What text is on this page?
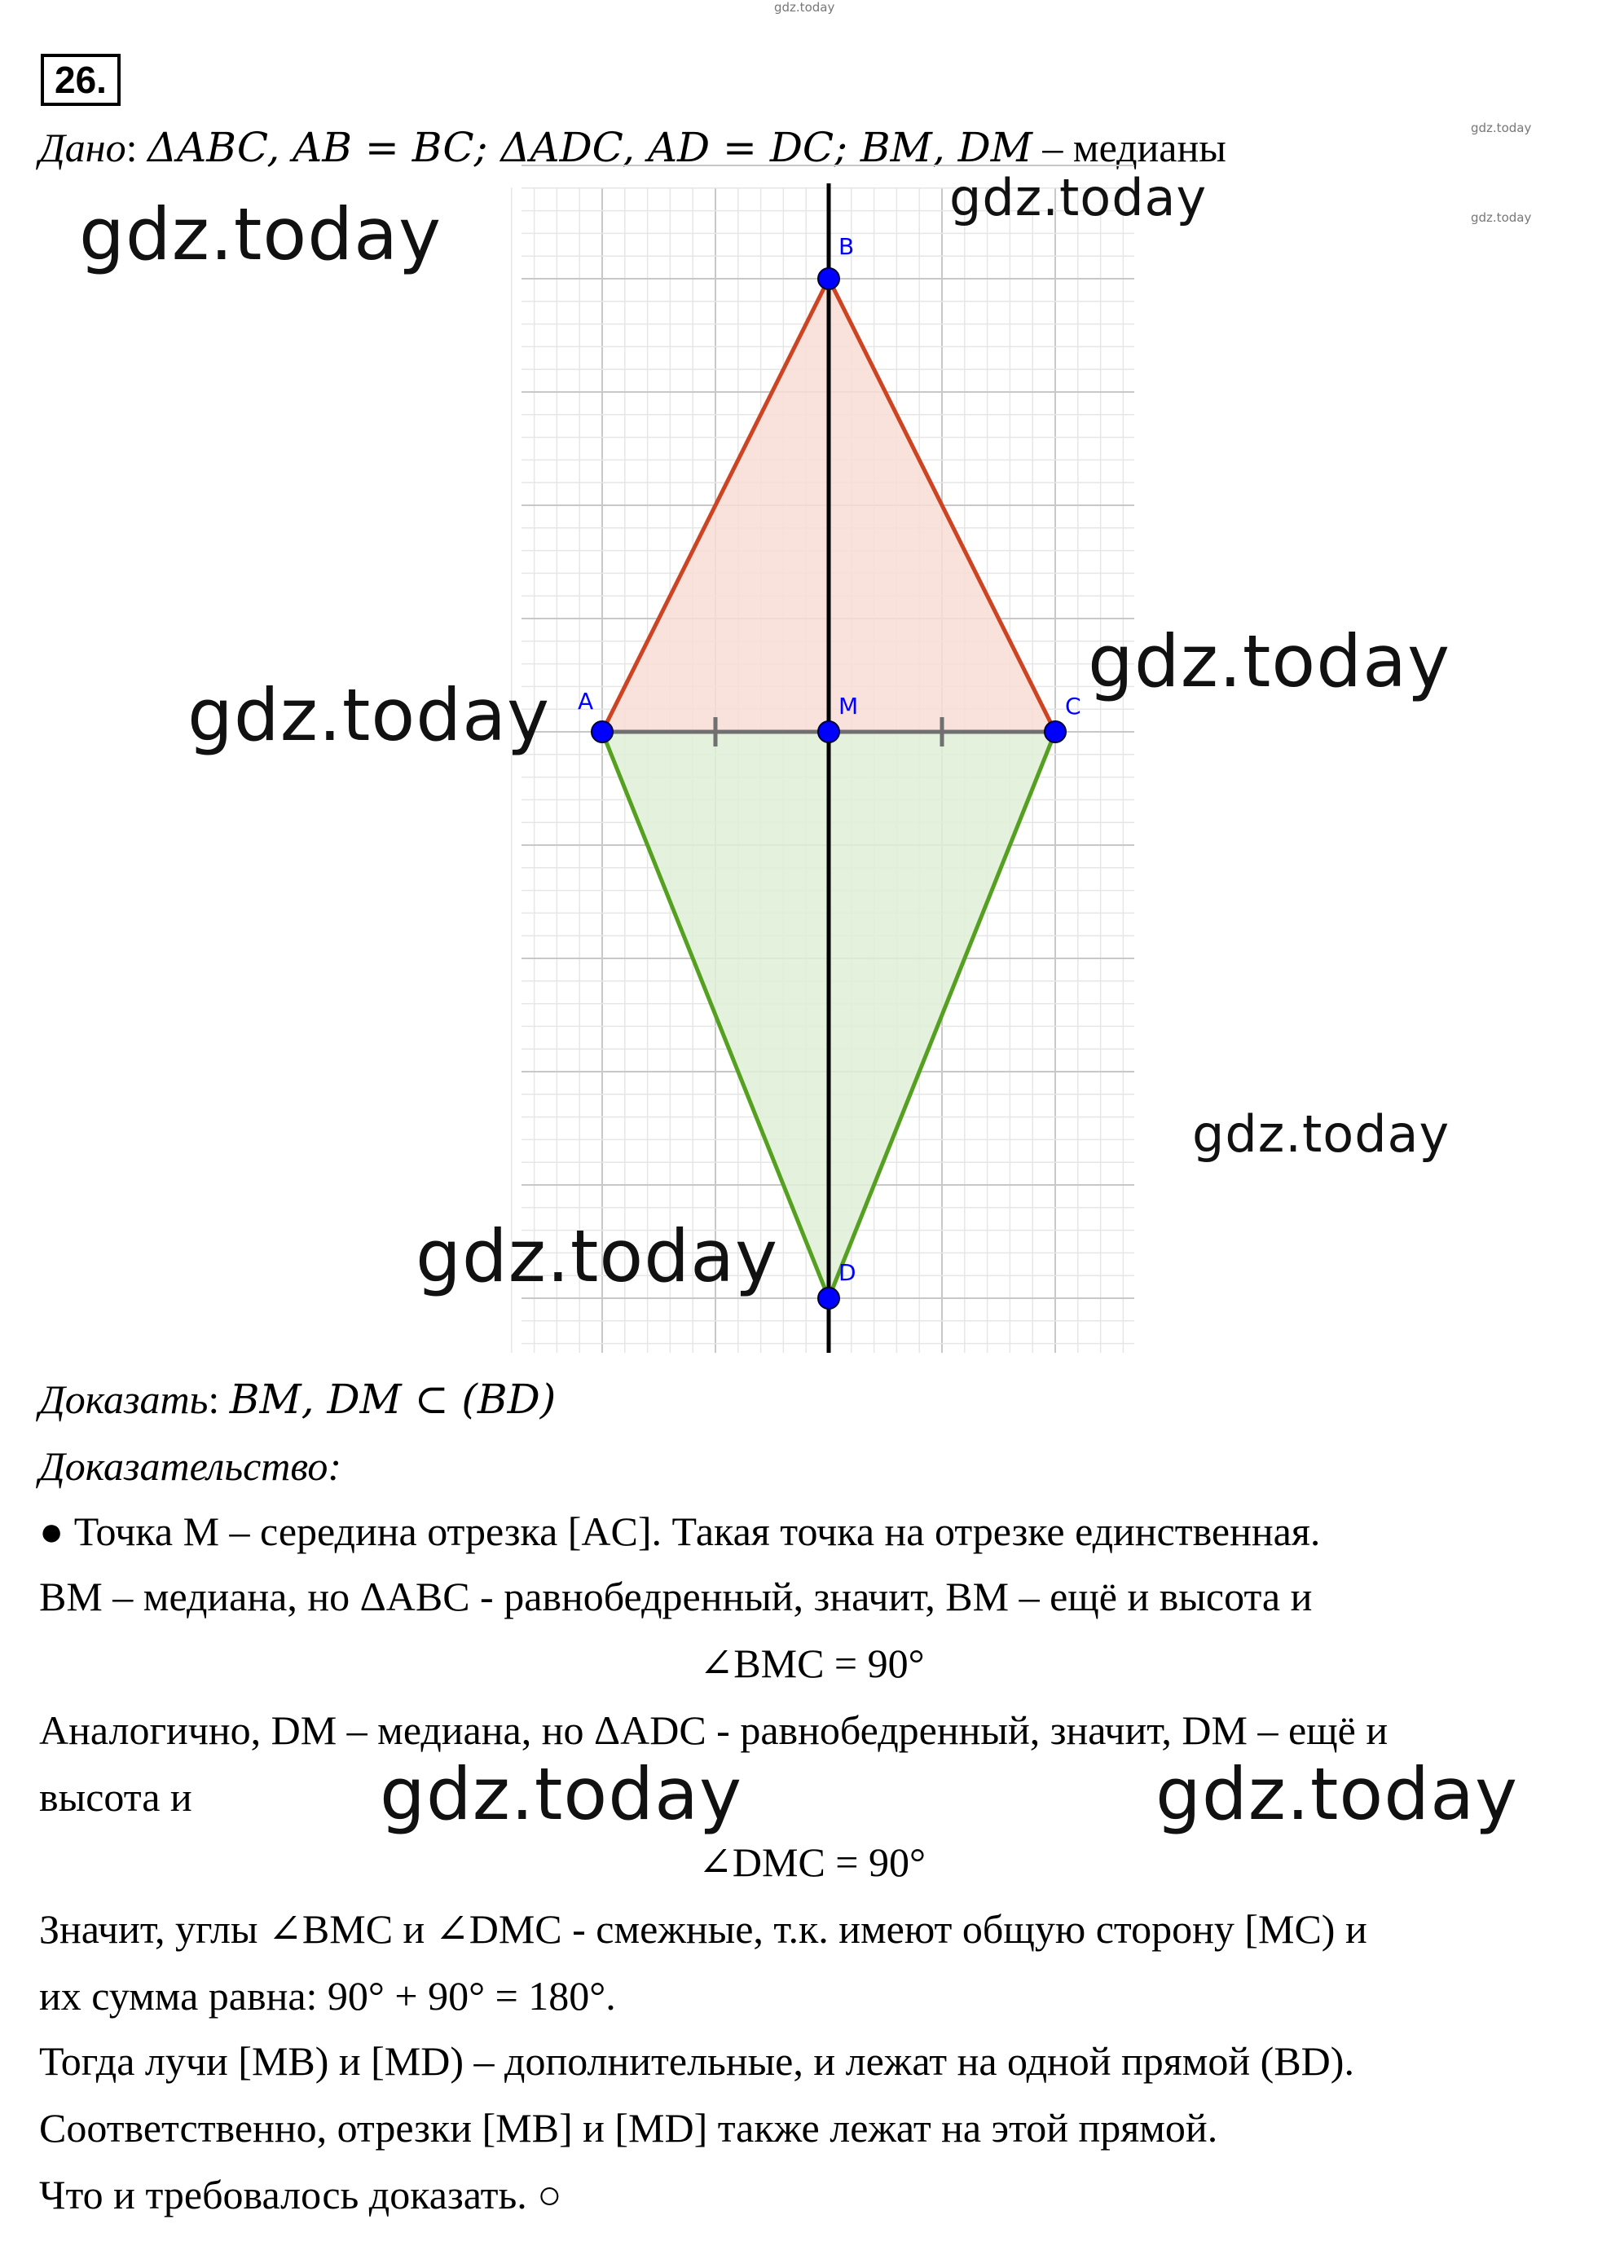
26.
Дано: ΔABC, AB = BC; ΔADC, AD = DC; BM, DM – медианы
A
B
C
M
D
Доказать: BM, DM ⊂ (BD)
Доказательство:
● Точка M – середина отрезка [AC]. Такая точка на отрезке единственная.
BM – медиана, но ΔABC - равнобедренный, значит, BM – ещё и высота и
∠BMC = 90°
Аналогично, DM – медиана, но ΔADC - равнобедренный, значит, DM – ещё и
высота и
∠DMC = 90°
Значит, углы ∠BMC и ∠DMC - смежные, т.к. имеют общую сторону [MC) и
их сумма равна: 90° + 90° = 180°.
Тогда лучи [MB) и [MD) – дополнительные, и лежат на одной прямой (BD).
Соответственно, отрезки [MB] и [MD] также лежат на этой прямой.
Что и требовалось доказать. ○
gdz.today
gdz.today
gdz.today
gdz.today	gdz.today
gdz.today
gdz.today
gdz.today
gdz.today
gdz.today	gdz.today
